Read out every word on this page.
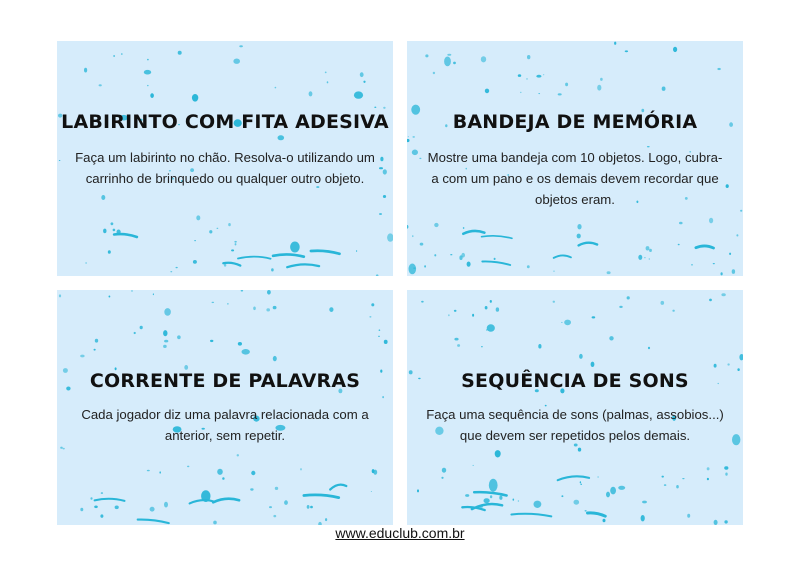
LABIRINTO COM FITA ADESIVA
Faça um labirinto no chão. Resolva-o utilizando um carrinho de brinquedo ou qualquer outro objeto.
BANDEJA DE MEMÓRIA
Mostre uma bandeja com 10 objetos. Logo, cubra-a com um pano e os demais devem recordar que objetos eram.
CORRENTE DE PALAVRAS
Cada jogador diz uma palavra relacionada com a anterior, sem repetir.
SEQUÊNCIA DE SONS
Faça uma sequência de sons (palmas, assobios...) que devem ser repetidos pelos demais.
www.educlub.com.br
